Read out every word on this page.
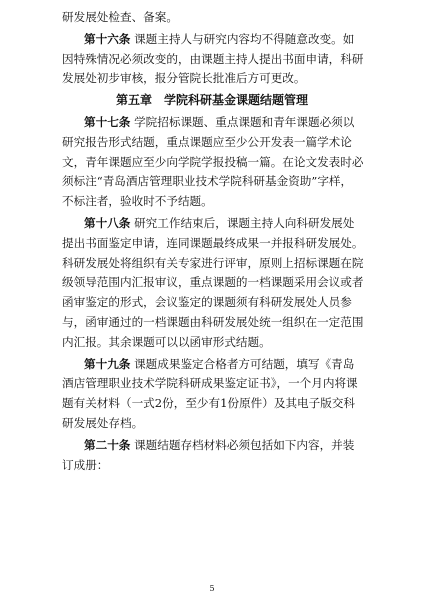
研发展处检查、备案。
第十六条 课题主持人与研究内容均不得随意改变。如
因特殊情况必须改变的，由课题主持人提出书面申请，科研
发展处初步审核，报分管院长批准后方可更改。
第五章　学院科研基金课题结题管理
第十七条 学院招标课题、重点课题和青年课题必须以
研究报告形式结题，重点课题应至少公开发表一篇学术论
文，青年课题应至少向学院学报投稿一篇。在论文发表时必
须标注“青岛酒店管理职业技术学院科研基金资助”字样，
不标注者，验收时不予结题。
第十八条 研究工作结束后，课题主持人向科研发展处
提出书面鉴定申请，连同课题最终成果一并报科研发展处。
科研发展处将组织有关专家进行评审，原则上招标课题在院
级领导范围内汇报审议，重点课题的一档课题采用会议或者
函审鉴定的形式，会议鉴定的课题须有科研发展处人员参
与，函审通过的一档课题由科研发展处统一组织在一定范围
内汇报。其余课题可以以函审形式结题。
第十九条 课题成果鉴定合格者方可结题，填写《青岛
酒店管理职业技术学院科研成果鉴定证书》，一个月内将课
题有关材料（一式2份，至少有1份原件）及其电子版交科
研发展处存档。
第二十条 课题结题存档材料必须包括如下内容，并装
订成册：
5
